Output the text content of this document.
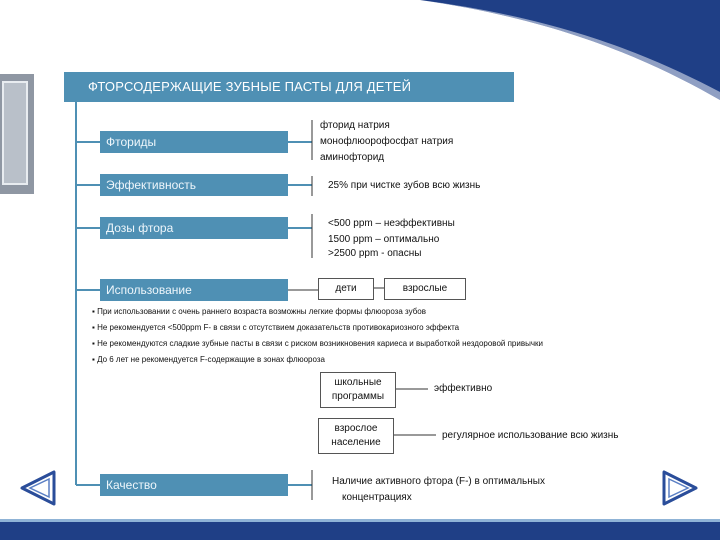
ФТОРСОДЕРЖАЩИЕ ЗУБНЫЕ ПАСТЫ ДЛЯ ДЕТЕЙ
Фториды
Эффективность
Дозы фтора
Использование
Качество
фторид натрия
монофлюорофосфат натрия
аминофторид
25% при чистке зубов всю жизнь
<500 ppm – неэффективны
1500 ppm – оптимально
>2500 ppm - опасны
дети	взрослые
▪ При использовании с очень раннего возраста возможны легкие формы флюороза зубов
▪ Не рекомендуется <500ppm F- в связи с отсутствием доказательств противокариозного эффекта
▪ Не рекомендуются сладкие зубные пасты в связи с риском возникновения кариеса и выработкой нездоровой привычки
▪ До 6 лет не рекомендуется F-содержащие в зонах флюороза
школьные
программы
эффективно
взрослое
население
регулярное использование всю жизнь
Наличие активного фтора (F-) в оптимальных
концентрациях
